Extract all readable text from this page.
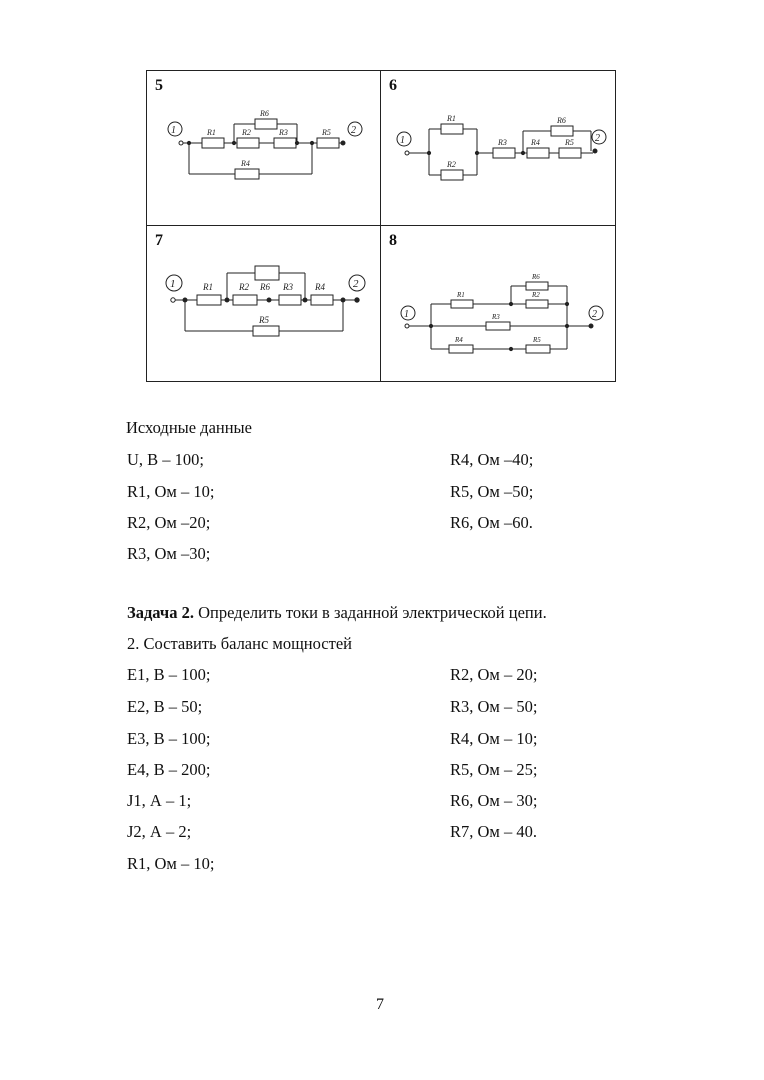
5
1	2
R1	R2	R3
R4
R5
R6
6
1	2
R1
R2
R3	R4	R5
R6
7
1	2
R1	R2 R6 R3 R4
R5
8
1	2
R1	R2
R3
R4	R5
R6
Исходные данные
U, В – 100;
R1, Ом – 10;
R2, Ом –20;
R3, Ом –30;
R4, Ом –40;
R5, Ом –50;
R6, Ом –60.
Задача 2. Определить токи в заданной электрической цепи.
2. Составить баланс мощностей
E1, В – 100;
E2, В – 50;
E3, В – 100;
E4, В – 200;
J1, А – 1;
J2, А – 2;
R1, Ом – 10;
R2, Ом – 20;
R3, Ом – 50;
R4, Ом – 10;
R5, Ом – 25;
R6, Ом – 30;
R7, Ом – 40.
7
